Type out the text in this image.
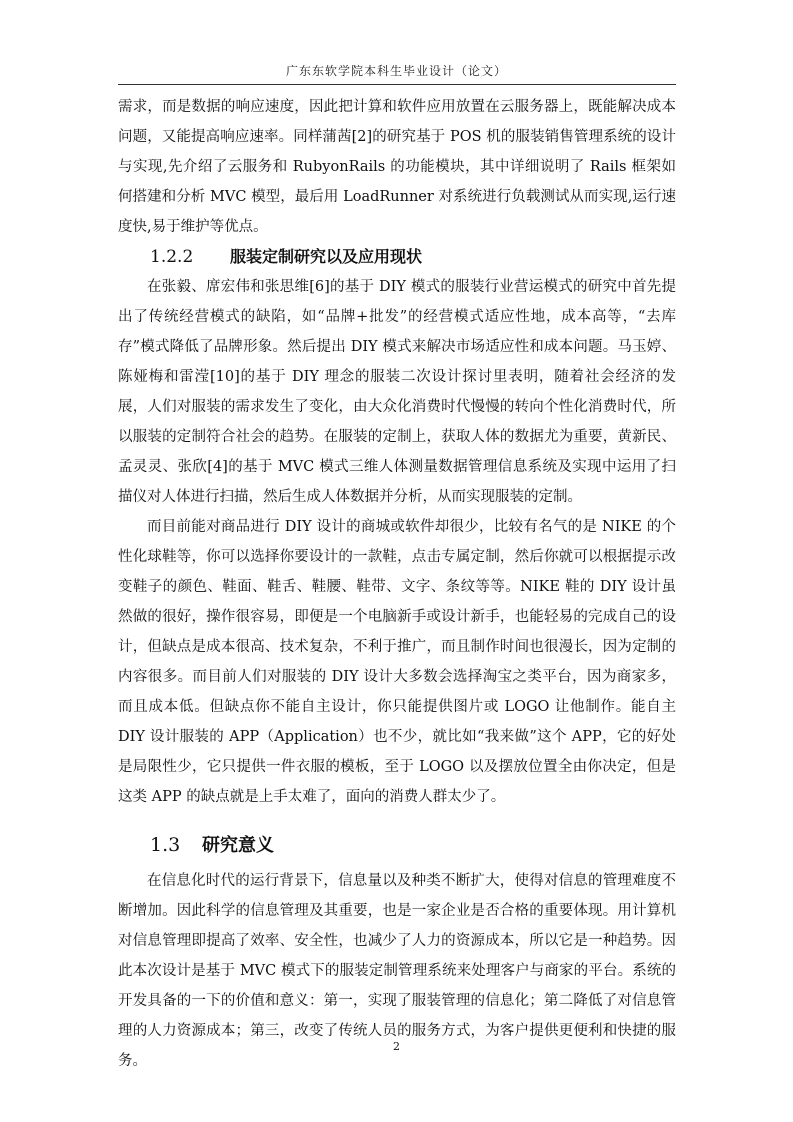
广东东软学院本科生毕业设计（论文）

需求，而是数据的响应速度，因此把计算和软件应用放置在云服务器上，既能解决成本问题，又能提高响应速率。同样蒲茜[2]的研究基于 POS 机的服装销售管理系统的设计与实现,先介绍了云服务和 RubyonRails 的功能模块，其中详细说明了 Rails 框架如何搭建和分析 MVC 模型，最后用 LoadRunner 对系统进行负载测试从而实现,运行速度快,易于维护等优点。

1.2.2 服装定制研究以及应用现状

在张毅、席宏伟和张思维[6]的基于 DIY 模式的服装行业营运模式的研究中首先提出了传统经营模式的缺陷，如“品牌+批发”的经营模式适应性地，成本高等，“去库存”模式降低了品牌形象。然后提出 DIY 模式来解决市场适应性和成本问题。马玉婷、陈娅梅和雷滢[10]的基于 DIY 理念的服装二次设计探讨里表明，随着社会经济的发展，人们对服装的需求发生了变化，由大众化消费时代慢慢的转向个性化消费时代，所以服装的定制符合社会的趋势。在服装的定制上，获取人体的数据尤为重要，黄新民、孟灵灵、张欣[4]的基于 MVC 模式三维人体测量数据管理信息系统及实现中运用了扫描仪对人体进行扫描，然后生成人体数据并分析，从而实现服装的定制。

而目前能对商品进行 DIY 设计的商城或软件却很少，比较有名气的是 NIKE 的个性化球鞋等，你可以选择你要设计的一款鞋，点击专属定制，然后你就可以根据提示改变鞋子的颜色、鞋面、鞋舌、鞋腰、鞋带、文字、条纹等等。NIKE 鞋的 DIY 设计虽然做的很好，操作很容易，即便是一个电脑新手或设计新手，也能轻易的完成自己的设计，但缺点是成本很高、技术复杂，不利于推广，而且制作时间也很漫长，因为定制的内容很多。而目前人们对服装的 DIY 设计大多数会选择淘宝之类平台，因为商家多，而且成本低。但缺点你不能自主设计，你只能提供图片或 LOGO 让他制作。能自主 DIY 设计服装的 APP（Application）也不少，就比如“我来做”这个 APP，它的好处是局限性少，它只提供一件衣服的模板，至于 LOGO 以及摆放位置全由你决定，但是这类 APP 的缺点就是上手太难了，面向的消费人群太少了。

1.3 研究意义

在信息化时代的运行背景下，信息量以及种类不断扩大，使得对信息的管理难度不断增加。因此科学的信息管理及其重要，也是一家企业是否合格的重要体现。用计算机对信息管理即提高了效率、安全性，也减少了人力的资源成本，所以它是一种趋势。因此本次设计是基于 MVC 模式下的服装定制管理系统来处理客户与商家的平台。系统的开发具备的一下的价值和意义：第一，实现了服装管理的信息化；第二降低了对信息管理的人力资源成本；第三，改变了传统人员的服务方式，为客户提供更便利和快捷的服务。

2
